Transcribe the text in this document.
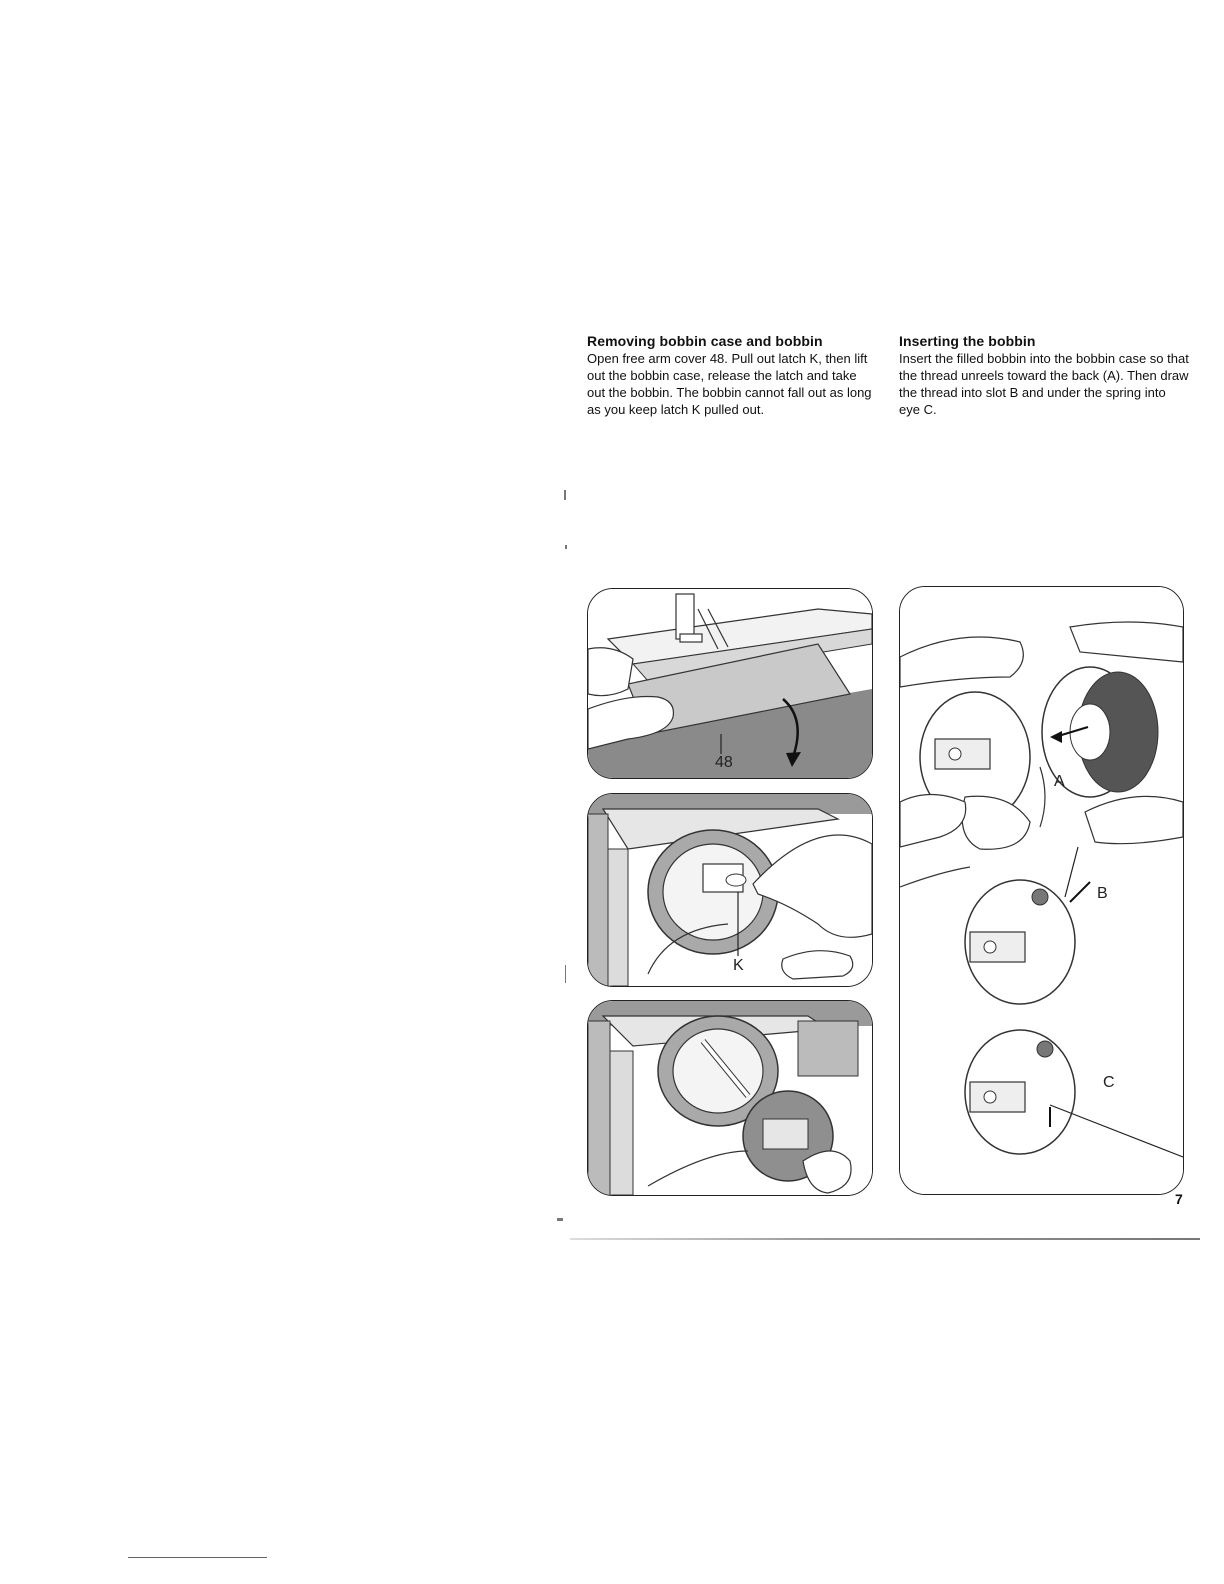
Removing bobbin case and bobbin

Open free arm cover 48. Pull out latch K, then lift out the bobbin case, release the latch and take out the bobbin. The bobbin cannot fall out as long as you keep latch K pulled out.

Inserting the bobbin

Insert the filled bobbin into the bobbin case so that the thread unreels toward the back (A). Then draw the thread into slot B and under the spring into eye C.

48
K
A
B
C
7
